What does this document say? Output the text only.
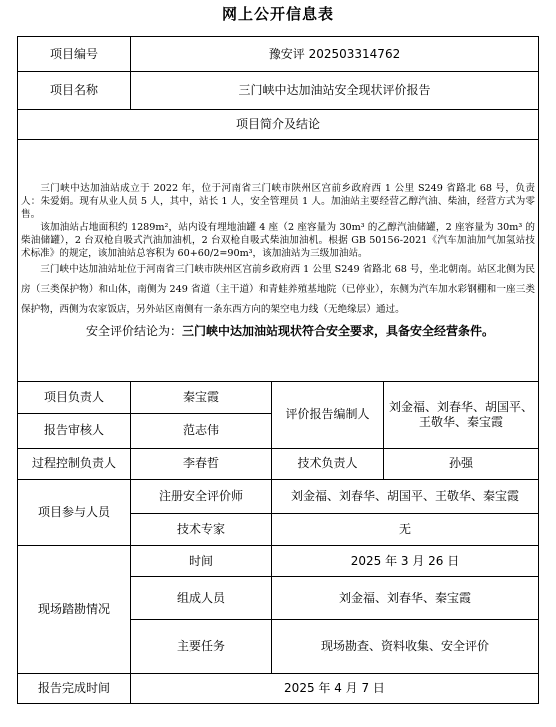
网上公开信息表
项目编号	豫安评 202503314762		
项目名称	三门峡中达加油站安全现状评价报告		
项目简介及结论			

三门峡中达加油站成立于 2022 年，位于河南省三门峡市陕州区宫前乡政府西 1 公里 S249 省路北 68 号，负责人：朱爱娟。现有从业人员 5 人，其中，站长 1 人，安全管理员 1 人。加油站主要经营乙醇汽油、柴油，经营方式为零售。

该加油站占地面积约 1289m²，站内设有埋地油罐 4 座（2 座容量为 30m³ 的乙醇汽油储罐，2 座容量为 30m³ 的柴油储罐），2 台双枪自吸式汽油加油机，2 台双枪自吸式柴油加油机。根据 GB 50156-2021《汽车加油加气加氢站技术标准》的规定，该加油站总容积为 60+60/2=90m³，该加油站为三级加油站。

三门峡中达加油站址位于河南省三门峡市陕州区宫前乡政府西 1 公里 S249 省路北 68 号，坐北朝南。站区北侧为民房（三类保护物）和山体，南侧为 249 省道（主干道）和青蛙养殖基地院（已停业），东侧为汽车加水彩钢棚和一座三类保护物，西侧为农家饭店，另外站区南侧有一条东西方向的架空电力线（无绝缘层）通过。

安全评价结论为：三门峡中达加油站现状符合安全要求，具备安全经营条件。			

项目负责人	秦宝霞	评价报告编制人	刘金福、刘春华、胡国平、王敬华、秦宝霞
报告审核人	范志伟		
过程控制负责人	李春哲	技术负责人	孙强
项目参与人员	注册安全评价师	刘金福、刘春华、胡国平、王敬华、秦宝霞	
	技术专家	无	
现场踏勘情况	时间	2025 年 3 月 26 日	
	组成人员	刘金福、刘春华、秦宝霞	
	主要任务	现场勘查、资料收集、安全评价	
报告完成时间	2025 年 4 月 7 日		
